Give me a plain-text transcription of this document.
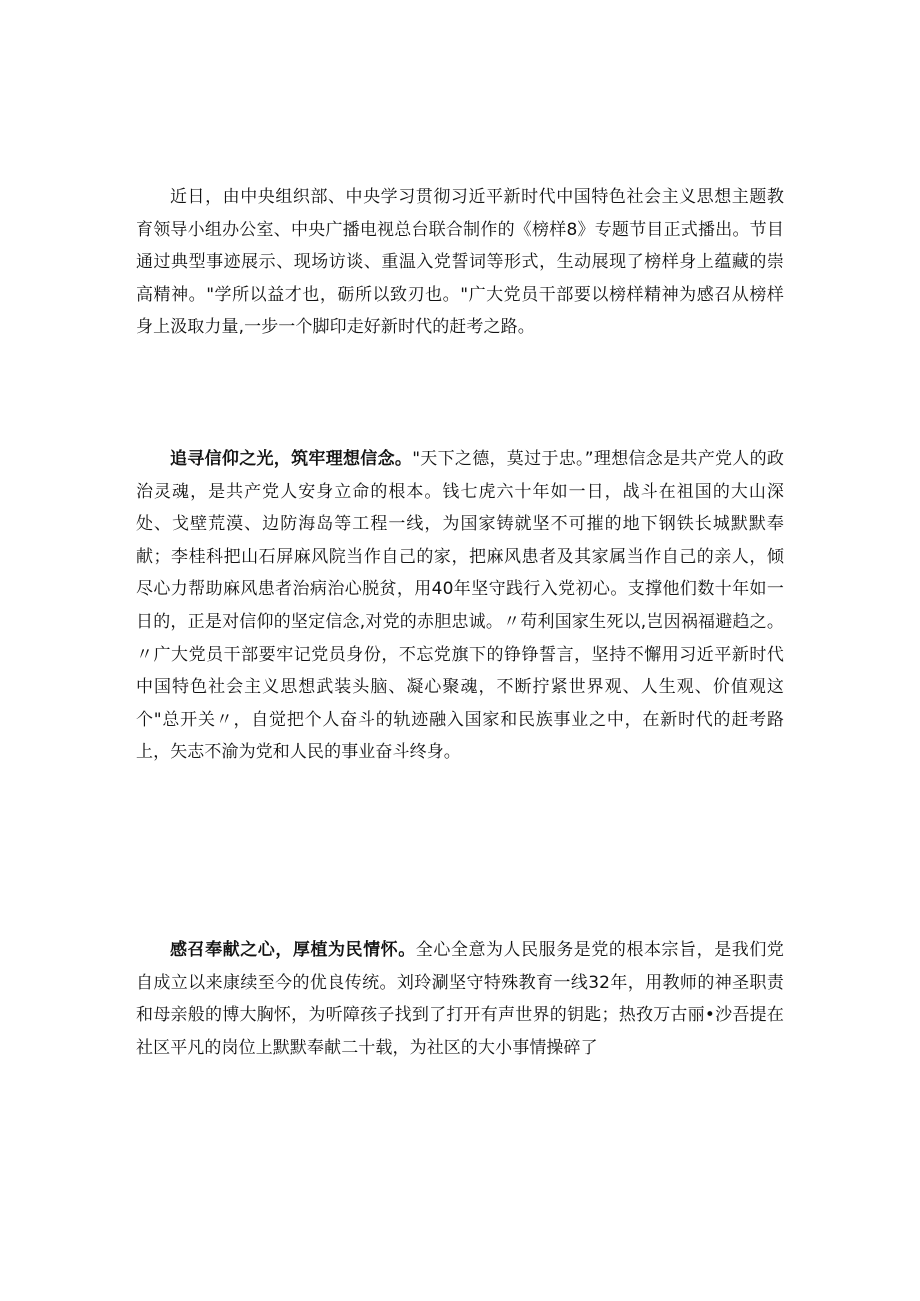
近日，由中央组织部、中央学习贯彻习近平新时代中国特色社会主义思想主题教育领导小组办公室、中央广播电视总台联合制作的《榜样8》专题节目正式播出。节目通过典型事迹展示、现场访谈、重温入党誓词等形式，生动展现了榜样身上蕴藏的崇高精神。"学所以益才也，砺所以致刃也。"广大党员干部要以榜样精神为感召从榜样身上汲取力量,一步一个脚印走好新时代的赶考之路。

追寻信仰之光，筑牢理想信念。"天下之德，莫过于忠。”理想信念是共产党人的政治灵魂，是共产党人安身立命的根本。钱七虎六十年如一日，战斗在祖国的大山深处、戈壁荒漠、边防海岛等工程一线，为国家铸就坚不可摧的地下钢铁长城默默奉献；李桂科把山石屏麻风院当作自己的家，把麻风患者及其家属当作自己的亲人，倾尽心力帮助麻风患者治病治心脱贫，用40年坚守践行入党初心。支撑他们数十年如一日的，正是对信仰的坚定信念,对党的赤胆忠诚。〃苟利国家生死以,岂因祸福避趋之。〃广大党员干部要牢记党员身份，不忘党旗下的铮铮誓言，坚持不懈用习近平新时代中国特色社会主义思想武装头脑、凝心聚魂，不断拧紧世界观、人生观、价值观这个"总开关〃，自觉把个人奋斗的轨迹融入国家和民族事业之中，在新时代的赶考路上，矢志不渝为党和人民的事业奋斗终身。

感召奉献之心，厚植为民情怀。全心全意为人民服务是党的根本宗旨，是我们党自成立以来康续至今的优良传统。刘玲涮坚守特殊教育一线32年，用教师的神圣职责和母亲般的博大胸怀，为听障孩子找到了打开有声世界的钥匙；热孜万古丽•沙吾提在社区平凡的岗位上默默奉献二十载，为社区的大小事情操碎了
